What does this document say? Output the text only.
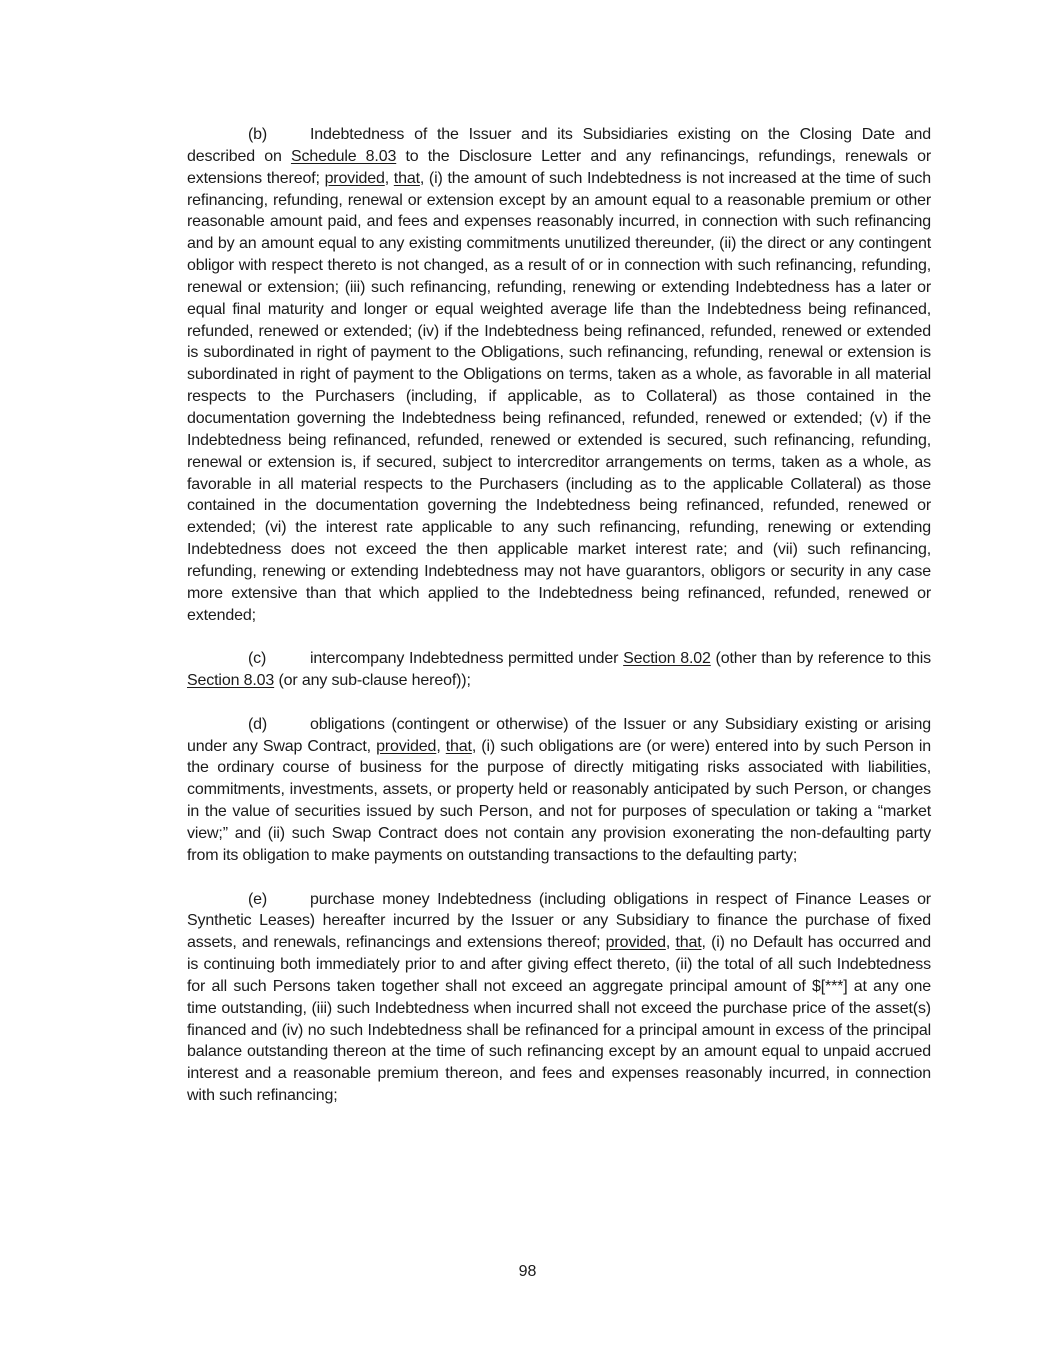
(b)	Indebtedness of the Issuer and its Subsidiaries existing on the Closing Date and described on Schedule 8.03 to the Disclosure Letter and any refinancings, refundings, renewals or extensions thereof; provided, that, (i) the amount of such Indebtedness is not increased at the time of such refinancing, refunding, renewal or extension except by an amount equal to a reasonable premium or other reasonable amount paid, and fees and expenses reasonably incurred, in connection with such refinancing and by an amount equal to any existing commitments unutilized thereunder, (ii) the direct or any contingent obligor with respect thereto is not changed, as a result of or in connection with such refinancing, refunding, renewal or extension; (iii) such refinancing, refunding, renewing or extending Indebtedness has a later or equal final maturity and longer or equal weighted average life than the Indebtedness being refinanced, refunded, renewed or extended; (iv) if the Indebtedness being refinanced, refunded, renewed or extended is subordinated in right of payment to the Obligations, such refinancing, refunding, renewal or extension is subordinated in right of payment to the Obligations on terms, taken as a whole, as favorable in all material respects to the Purchasers (including, if applicable, as to Collateral) as those contained in the documentation governing the Indebtedness being refinanced, refunded, renewed or extended; (v) if the Indebtedness being refinanced, refunded, renewed or extended is secured, such refinancing, refunding, renewal or extension is, if secured, subject to intercreditor arrangements on terms, taken as a whole, as favorable in all material respects to the Purchasers (including as to the applicable Collateral) as those contained in the documentation governing the Indebtedness being refinanced, refunded, renewed or extended; (vi) the interest rate applicable to any such refinancing, refunding, renewing or extending Indebtedness does not exceed the then applicable market interest rate; and (vii) such refinancing, refunding, renewing or extending Indebtedness may not have guarantors, obligors or security in any case more extensive than that which applied to the Indebtedness being refinanced, refunded, renewed or extended;

(c)	intercompany Indebtedness permitted under Section 8.02 (other than by reference to this Section 8.03 (or any sub-clause hereof));

(d)	obligations (contingent or otherwise) of the Issuer or any Subsidiary existing or arising under any Swap Contract, provided, that, (i) such obligations are (or were) entered into by such Person in the ordinary course of business for the purpose of directly mitigating risks associated with liabilities, commitments, investments, assets, or property held or reasonably anticipated by such Person, or changes in the value of securities issued by such Person, and not for purposes of speculation or taking a “market view;” and (ii) such Swap Contract does not contain any provision exonerating the non-defaulting party from its obligation to make payments on outstanding transactions to the defaulting party;

(e)	purchase money Indebtedness (including obligations in respect of Finance Leases or Synthetic Leases) hereafter incurred by the Issuer or any Subsidiary to finance the purchase of fixed assets, and renewals, refinancings and extensions thereof; provided, that, (i) no Default has occurred and is continuing both immediately prior to and after giving effect thereto, (ii) the total of all such Indebtedness for all such Persons taken together shall not exceed an aggregate principal amount of $[***] at any one time outstanding, (iii) such Indebtedness when incurred shall not exceed the purchase price of the asset(s) financed and (iv) no such Indebtedness shall be refinanced for a principal amount in excess of the principal balance outstanding thereon at the time of such refinancing except by an amount equal to unpaid accrued interest and a reasonable premium thereon, and fees and expenses reasonably incurred, in connection with such refinancing;

98
